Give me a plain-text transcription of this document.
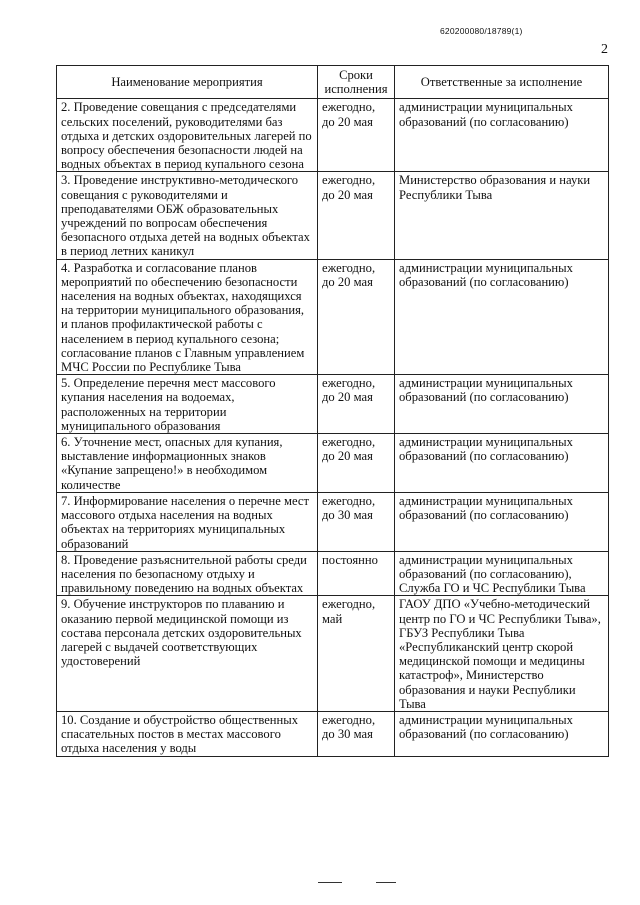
620200080/18789(1)
2
Наименование мероприятия	Сроки исполнения	Ответственные за исполнение
2. Проведение совещания с председателями сельских поселений, руководителями баз отдыха и детских оздоровительных лагерей по вопросу обеспечения безопасности людей на водных объектах в период купального сезона	ежегодно, до 20 мая	администрации муниципальных образований (по согласованию)
3. Проведение инструктивно-методического совещания с руководителями и преподавателями ОБЖ образовательных учреждений по вопросам обеспечения безопасного отдыха детей на водных объектах в период летних каникул	ежегодно, до 20 мая	Министерство образования и науки Республики Тыва
4. Разработка и согласование планов мероприятий по обеспечению безопасности населения на водных объектах, находящихся на территории муниципального образования, и планов профилактической работы с населением в период купального сезона; согласование планов с Главным управлением МЧС России по Республике Тыва	ежегодно, до 20 мая	администрации муниципальных образований (по согласованию)
5. Определение перечня мест массового купания населения на водоемах, расположенных на территории муниципального образования	ежегодно, до 20 мая	администрации муниципальных образований (по согласованию)
6. Уточнение мест, опасных для купания, выставление информационных знаков «Купание запрещено!» в необходимом количестве	ежегодно, до 20 мая	администрации муниципальных образований (по согласованию)
7. Информирование населения о перечне мест массового отдыха населения на водных объектах на территориях муниципальных образований	ежегодно, до 30 мая	администрации муниципальных образований (по согласованию)
8. Проведение разъяснительной работы среди населения по безопасному отдыху и правильному поведению на водных объектах	постоянно	администрации муниципальных образований (по согласованию), Служба ГО и ЧС Республики Тыва
9. Обучение инструкторов по плаванию и оказанию первой медицинской помощи из состава персонала детских оздоровительных лагерей с выдачей соответствующих удостоверений	ежегодно, май	ГАОУ ДПО «Учебно-методический центр по ГО и ЧС Республики Тыва», ГБУЗ Республики Тыва «Республиканский центр скорой медицинской помощи и медицины катастроф», Министерство образования и науки Республики Тыва
10. Создание и обустройство общественных спасательных постов в местах массового отдыха населения у воды	ежегодно, до 30 мая	администрации муниципальных образований (по согласованию)
